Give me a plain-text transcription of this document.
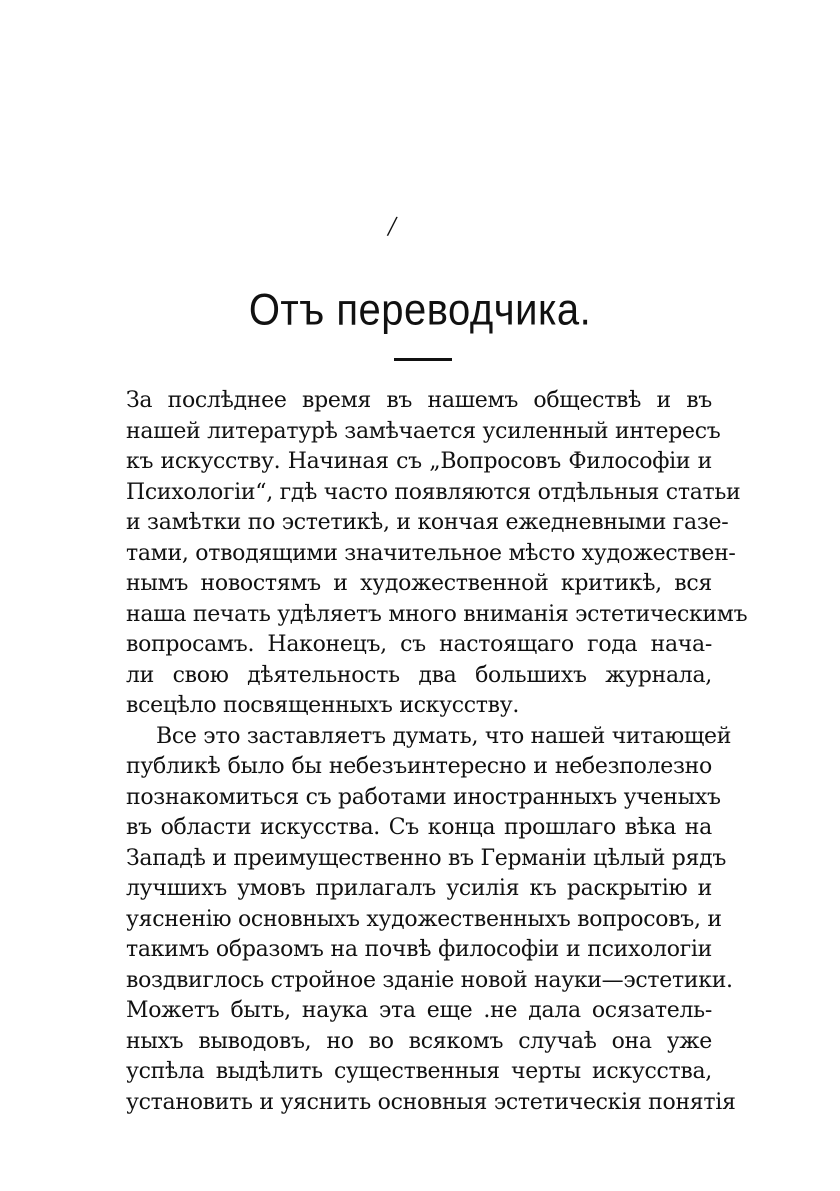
/
Отъ переводчика.
За послѣднее время въ нашемъ обществѣ и въ
нашей литературѣ замѣчается усиленный интересъ
къ искусству. Начиная съ „Вопросовъ Философіи и
Психологіи“, гдѣ часто появляются отдѣльныя статьи
и замѣтки по эстетикѣ, и кончая ежедневными газе-
тами, отводящими значительное мѣсто художествен-
нымъ новостямъ и художественной критикѣ, вся
наша печать удѣляетъ много вниманія эстетическимъ
вопросамъ. Наконецъ, съ настоящаго года нача-
ли свою дѣятельность два большихъ журнала,
всецѣло посвященныхъ искусству.
Все это заставляетъ думать, что нашей читающей
публикѣ было бы небезъинтересно и небезполезно
познакомиться съ работами иностранныхъ ученыхъ
въ области искусства. Съ конца прошлаго вѣка на
Западѣ и преимущественно въ Германіи цѣлый рядъ
лучшихъ умовъ прилагалъ усилія къ раскрытію и
уясненію основныхъ художественныхъ вопросовъ, и
такимъ образомъ на почвѣ философіи и психологіи
воздвиглось стройное зданіе новой науки—эстетики.
Можетъ быть, наука эта еще .не дала осязатель-
ныхъ выводовъ, но во всякомъ случаѣ она уже
успѣла выдѣлить существенныя черты искусства,
установить и уяснить основныя эстетическія понятія
